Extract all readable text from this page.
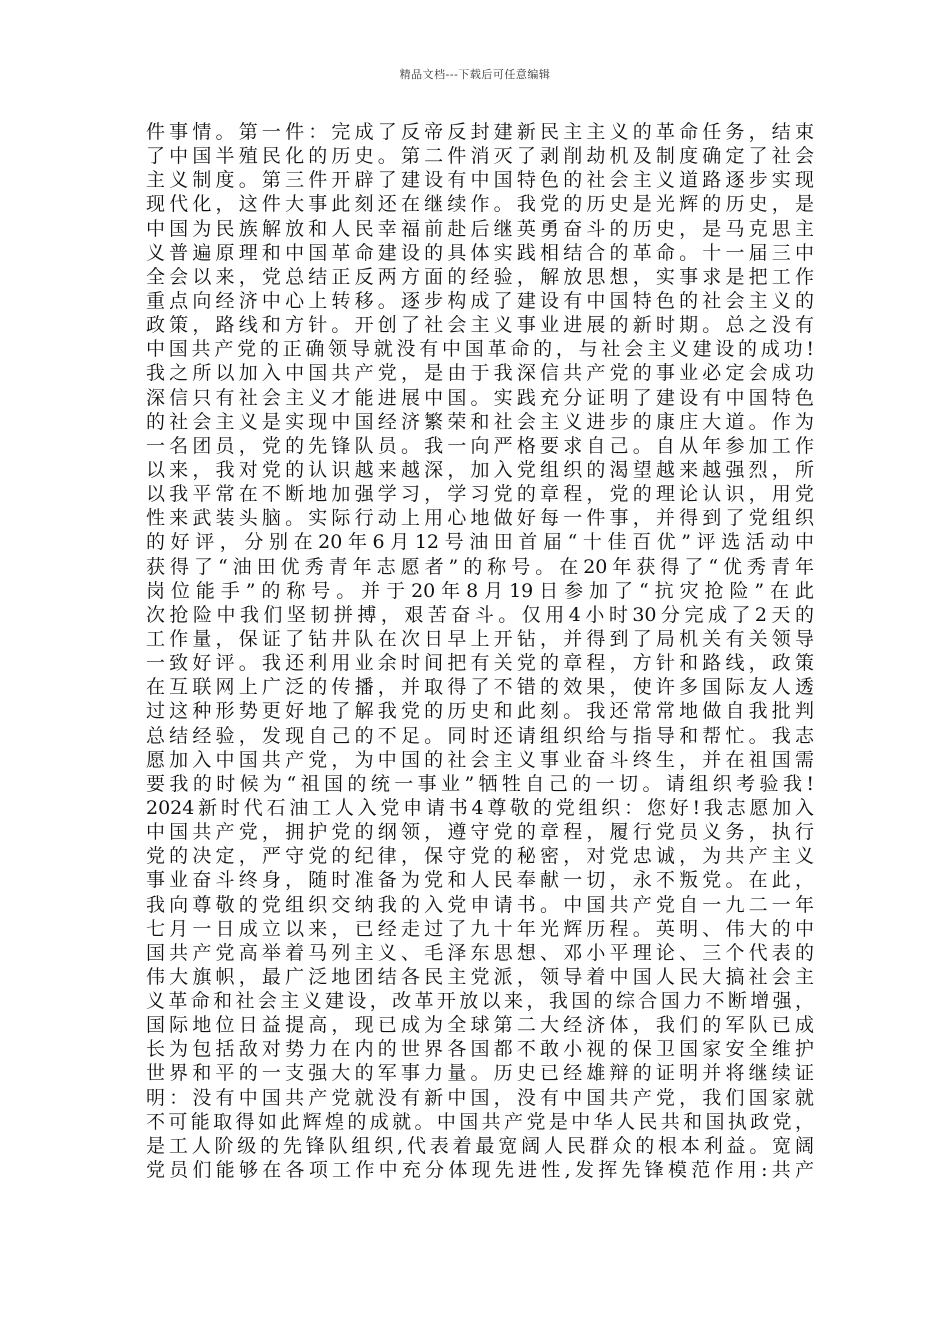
精品文档---下载后可任意编辑
件事情。第一件：完成了反帝反封建新民主主义的革命任务，结束
了中国半殖民化的历史。第二件消灭了剥削劫机及制度确定了社会
主义制度。第三件开辟了建设有中国特色的社会主义道路逐步实现
现代化，这件大事此刻还在继续作。我党的历史是光辉的历史，是
中国为民族解放和人民幸福前赴后继英勇奋斗的历史，是马克思主
义普遍原理和中国革命建设的具体实践相结合的革命。十一届三中
全会以来，党总结正反两方面的经验，解放思想，实事求是把工作
重点向经济中心上转移。逐步构成了建设有中国特色的社会主义的
政策，路线和方针。开创了社会主义事业进展的新时期。总之没有
中国共产党的正确领导就没有中国革命的，与社会主义建设的成功!
我之所以加入中国共产党，是由于我深信共产党的事业必定会成功
深信只有社会主义才能进展中国。实践充分证明了建设有中国特色
的社会主义是实现中国经济繁荣和社会主义进步的康庄大道。作为
一名团员，党的先锋队员。我一向严格要求自己。自从年参加工作
以来，我对党的认识越来越深，加入党组织的渴望越来越强烈，所
以我平常在不断地加强学习，学习党的章程，党的理论认识，用党
性来武装头脑。实际行动上用心地做好每一件事，并得到了党组织
的好评，分别在20年6月12号油田首届“十佳百优”评选活动中
获得了“油田优秀青年志愿者”的称号。在20年获得了“优秀青年
岗位能手”的称号。并于20年8月19日参加了“抗灾抢险”在此
次抢险中我们坚韧拼搏，艰苦奋斗。仅用4小时30分完成了2天的
工作量，保证了钻井队在次日早上开钻，并得到了局机关有关领导
一致好评。我还利用业余时间把有关党的章程，方针和路线，政策
在互联网上广泛的传播，并取得了不错的效果，使许多国际友人透
过这种形势更好地了解我党的历史和此刻。我还常常地做自我批判
总结经验，发现自己的不足。同时还请组织给与指导和帮忙。我志
愿加入中国共产党，为中国的社会主义事业奋斗终生，并在祖国需
要我的时候为“祖国的统一事业”牺牲自己的一切。请组织考验我!
2024新时代石油工人入党申请书4尊敬的党组织：您好!我志愿加入
中国共产党，拥护党的纲领，遵守党的章程，履行党员义务，执行
党的决定，严守党的纪律，保守党的秘密，对党忠诚，为共产主义
事业奋斗终身，随时准备为党和人民奉献一切，永不叛党。在此，
我向尊敬的党组织交纳我的入党申请书。中国共产党自一九二一年
七月一日成立以来，已经走过了九十年光辉历程。英明、伟大的中
国共产党高举着马列主义、毛泽东思想、邓小平理论、三个代表的
伟大旗帜，最广泛地团结各民主党派，领导着中国人民大搞社会主
义革命和社会主义建设，改革开放以来，我国的综合国力不断增强，
国际地位日益提高，现已成为全球第二大经济体，我们的军队已成
长为包括敌对势力在内的世界各国都不敢小视的保卫国家安全维护
世界和平的一支强大的军事力量。历史已经雄辩的证明并将继续证
明：没有中国共产党就没有新中国，没有中国共产党，我们国家就
不可能取得如此辉煌的成就。中国共产党是中华人民共和国执政党，
是工人阶级的先锋队组织,代表着最宽阔人民群众的根本利益。宽阔
党员们能够在各项工作中充分体现先进性,发挥先锋模范作用:共产
